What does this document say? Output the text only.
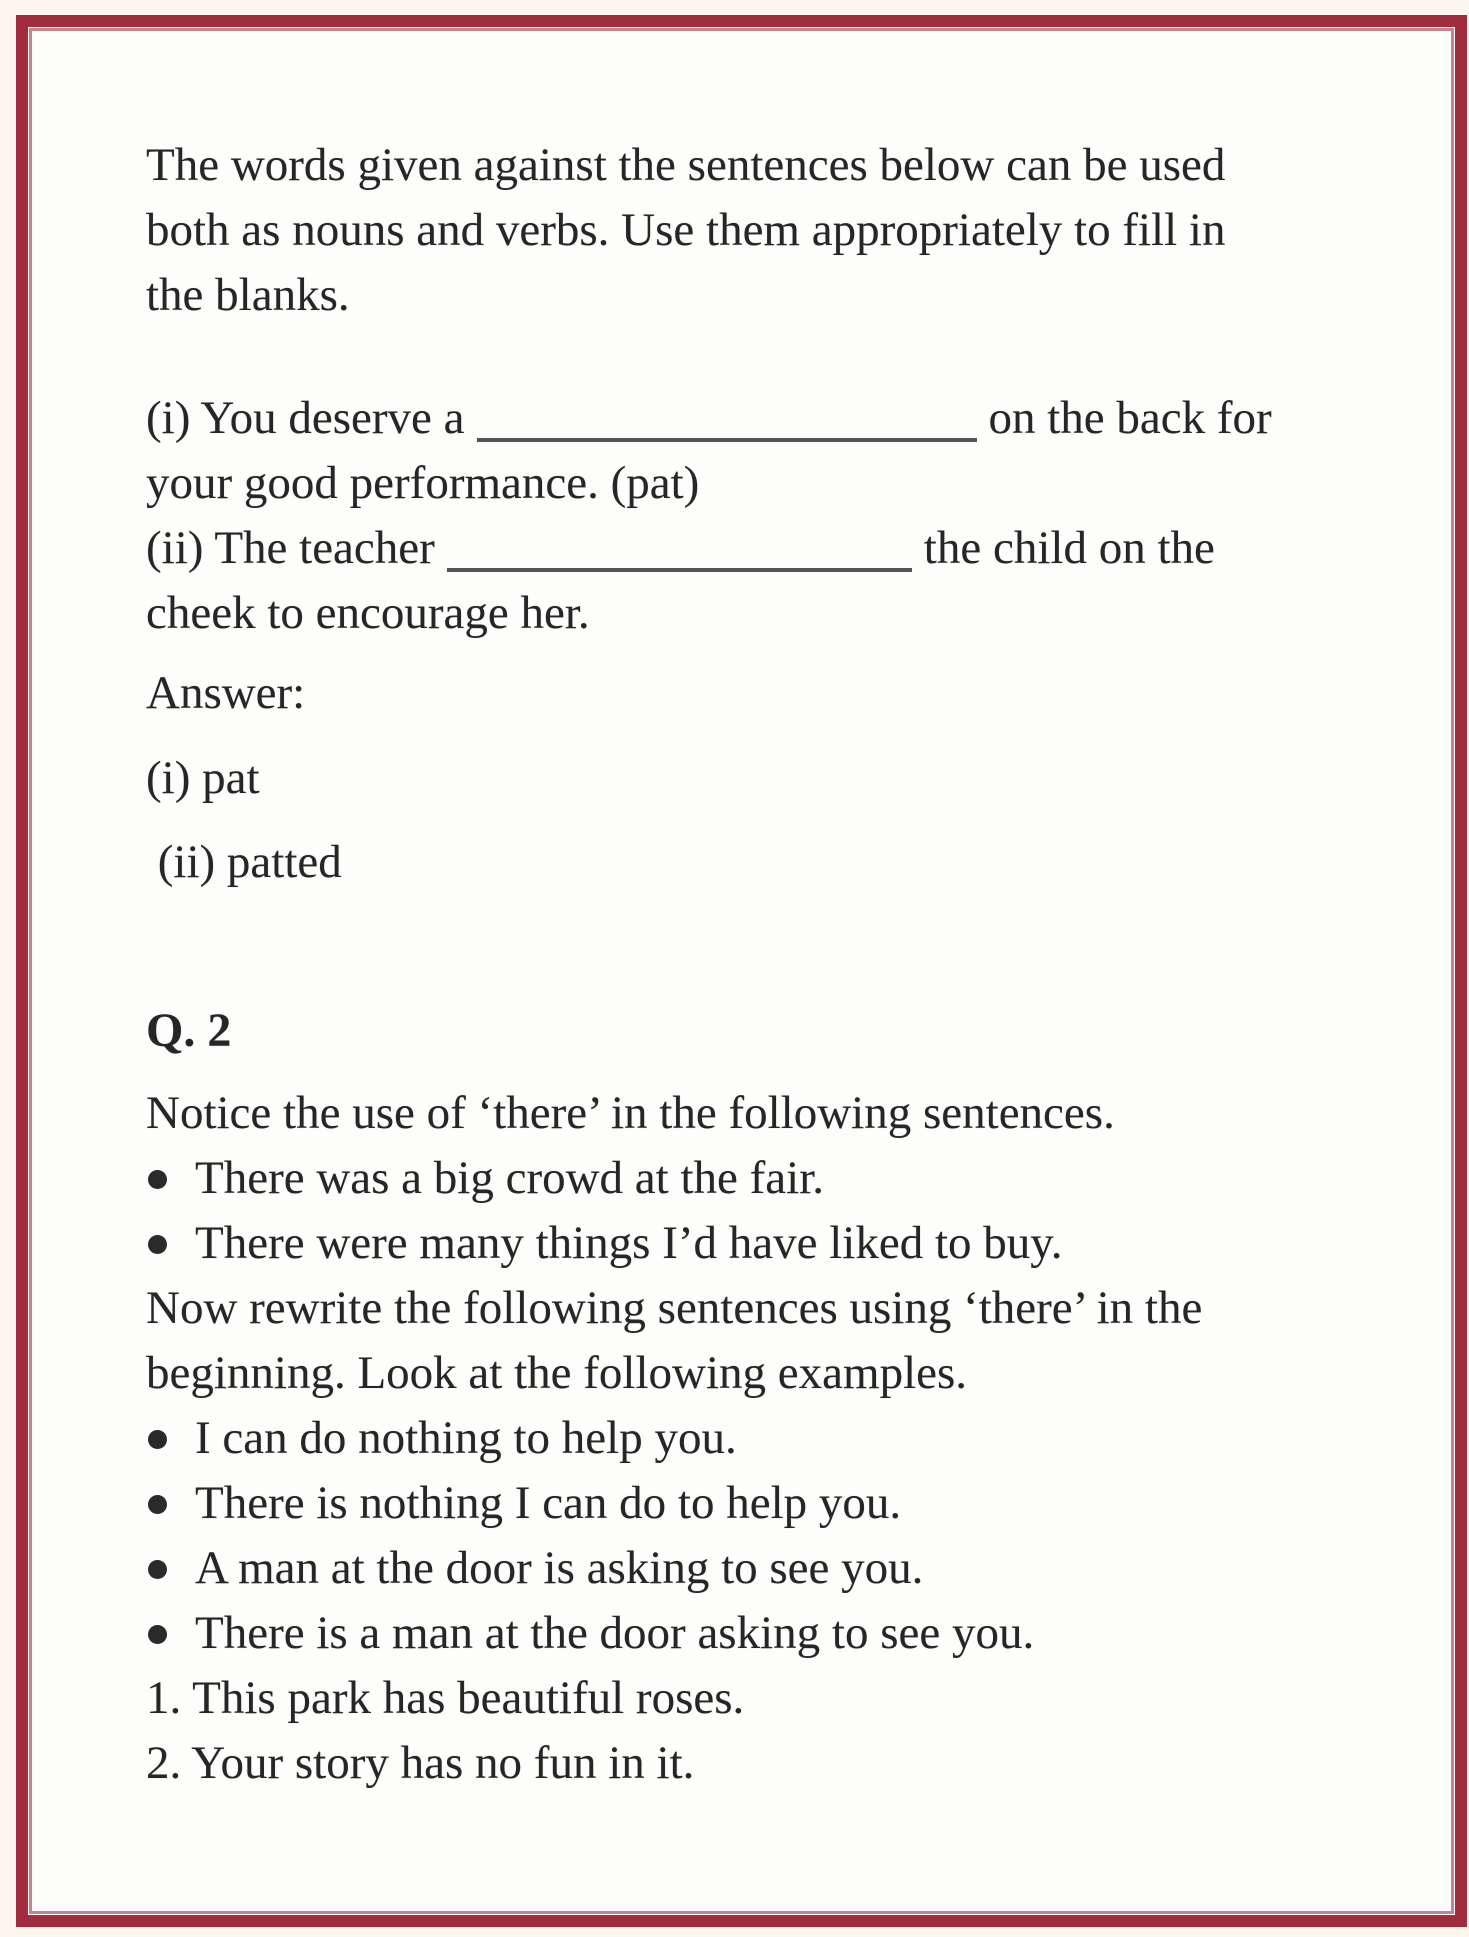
The words given against the sentences below can be used
both as nouns and verbs. Use them appropriately to fill in
the blanks.
(i) You deserve a	on the back for
your good performance. (pat)
(ii) The teacher	the child on the
cheek to encourage her.
Answer:
(i) pat
(ii) patted
Q. 2
Notice the use of ‘there’ in the following sentences.
There was a big crowd at the fair.
There were many things I’d have liked to buy.
Now rewrite the following sentences using ‘there’ in the
beginning. Look at the following examples.
I can do nothing to help you.
There is nothing I can do to help you.
A man at the door is asking to see you.
There is a man at the door asking to see you.
1. This park has beautiful roses.
2. Your story has no fun in it.
